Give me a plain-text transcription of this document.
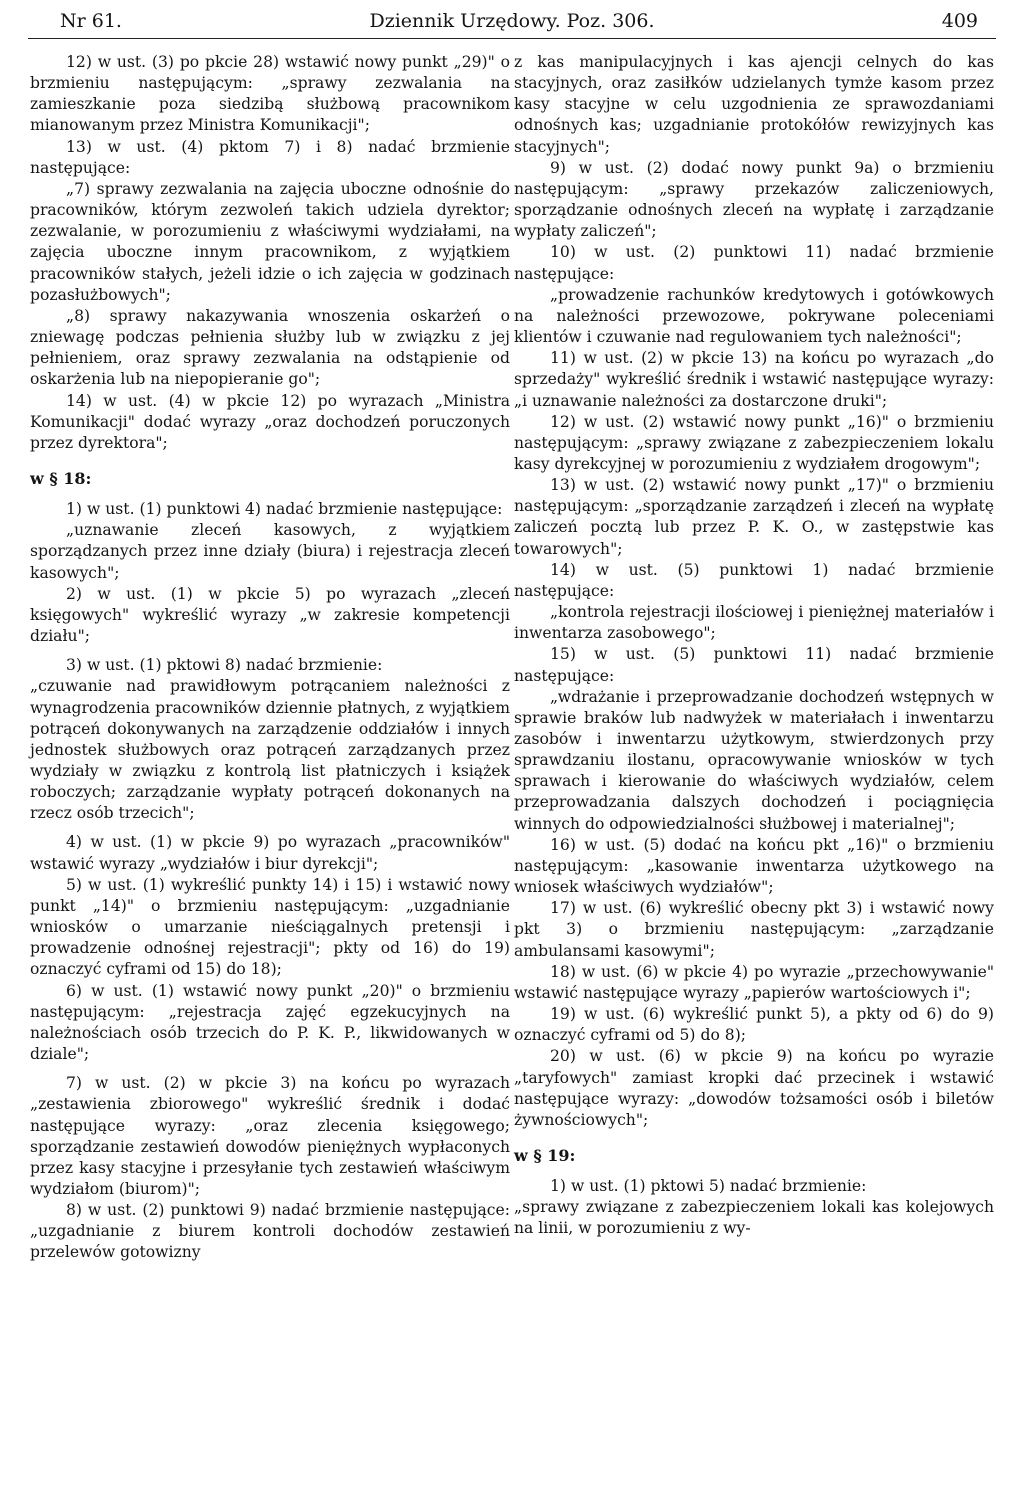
Nr 61.	Dziennik Urzędowy. Poz. 306.	409

12) w ust. (3) po pkcie 28) wstawić nowy punkt „29)" o brzmieniu następującym: „sprawy zezwalania na zamieszkanie poza siedzibą służbową pracownikom mianowanym przez Ministra Komunikacji";

13) w ust. (4) pktom 7) i 8) nadać brzmienie następujące:

„7) sprawy zezwalania na zajęcia uboczne odnośnie do pracowników, którym zezwoleń takich udziela dyrektor; zezwalanie, w porozumieniu z właściwymi wydziałami, na zajęcia uboczne innym pracownikom, z wyjątkiem pracowników stałych, jeżeli idzie o ich zajęcia w godzinach pozasłużbowych";

„8) sprawy nakazywania wnoszenia oskarżeń o zniewagę podczas pełnienia służby lub w związku z jej pełnieniem, oraz sprawy zezwalania na odstąpienie od oskarżenia lub na niepopieranie go";

14) w ust. (4) w pkcie 12) po wyrazach „Ministra Komunikacji" dodać wyrazy „oraz dochodzeń poruczonych przez dyrektora";

w § 18:

1) w ust. (1) punktowi 4) nadać brzmienie następujące:

„uznawanie zleceń kasowych, z wyjątkiem sporządzanych przez inne działy (biura) i rejestracja zleceń kasowych";

2) w ust. (1) w pkcie 5) po wyrazach „zleceń księgowych" wykreślić wyrazy „w zakresie kompetencji działu";

3) w ust. (1) pktowi 8) nadać brzmienie:

„czuwanie nad prawidłowym potrącaniem należności z wynagrodzenia pracowników dziennie płatnych, z wyjątkiem potrąceń dokonywanych na zarządzenie oddziałów i innych jednostek służbowych oraz potrąceń zarządzanych przez wydziały w związku z kontrolą list płatniczych i książek roboczych; zarządzanie wypłaty potrąceń dokonanych na rzecz osób trzecich";

4) w ust. (1) w pkcie 9) po wyrazach „pracowników" wstawić wyrazy „wydziałów i biur dyrekcji";

5) w ust. (1) wykreślić punkty 14) i 15) i wstawić nowy punkt „14)" o brzmieniu następującym: „uzgadnianie wniosków o umarzanie nieściągalnych pretensji i prowadzenie odnośnej rejestracji"; pkty od 16) do 19) oznaczyć cyframi od 15) do 18);

6) w ust. (1) wstawić nowy punkt „20)" o brzmieniu następującym: „rejestracja zajęć egzekucyjnych na należnościach osób trzecich do P. K. P., likwidowanych w dziale";

7) w ust. (2) w pkcie 3) na końcu po wyrazach „zestawienia zbiorowego" wykreślić średnik i dodać następujące wyrazy: „oraz zlecenia księgowego; sporządzanie zestawień dowodów pieniężnych wypłaconych przez kasy stacyjne i przesyłanie tych zestawień właściwym wydziałom (biurom)";

8) w ust. (2) punktowi 9) nadać brzmienie następujące: „uzgadnianie z biurem kontroli dochodów zestawień przelewów gotowizny

z kas manipulacyjnych i kas ajencji celnych do kas stacyjnych, oraz zasiłków udzielanych tymże kasom przez kasy stacyjne w celu uzgodnienia ze sprawozdaniami odnośnych kas; uzgadnianie protokółów rewizyjnych kas stacyjnych";

9) w ust. (2) dodać nowy punkt 9a) o brzmieniu następującym: „sprawy przekazów zaliczeniowych, sporządzanie odnośnych zleceń na wypłatę i zarządzanie wypłaty zaliczeń";

10) w ust. (2) punktowi 11) nadać brzmienie następujące:

„prowadzenie rachunków kredytowych i gotówkowych na należności przewozowe, pokrywane poleceniami klientów i czuwanie nad regulowaniem tych należności";

11) w ust. (2) w pkcie 13) na końcu po wyrazach „do sprzedaży" wykreślić średnik i wstawić następujące wyrazy: „i uznawanie należności za dostarczone druki";

12) w ust. (2) wstawić nowy punkt „16)" o brzmieniu następującym: „sprawy związane z zabezpieczeniem lokalu kasy dyrekcyjnej w porozumieniu z wydziałem drogowym";

13) w ust. (2) wstawić nowy punkt „17)" o brzmieniu następującym: „sporządzanie zarządzeń i zleceń na wypłatę zaliczeń pocztą lub przez P. K. O., w zastępstwie kas towarowych";

14) w ust. (5) punktowi 1) nadać brzmienie następujące:

„kontrola rejestracji ilościowej i pieniężnej materiałów i inwentarza zasobowego";

15) w ust. (5) punktowi 11) nadać brzmienie następujące:

„wdrażanie i przeprowadzanie dochodzeń wstępnych w sprawie braków lub nadwyżek w materiałach i inwentarzu zasobów i inwentarzu użytkowym, stwierdzonych przy sprawdzaniu ilostanu, opracowywanie wniosków w tych sprawach i kierowanie do właściwych wydziałów, celem przeprowadzania dalszych dochodzeń i pociągnięcia winnych do odpowiedzialności służbowej i materialnej";

16) w ust. (5) dodać na końcu pkt „16)" o brzmieniu następującym: „kasowanie inwentarza użytkowego na wniosek właściwych wydziałów";

17) w ust. (6) wykreślić obecny pkt 3) i wstawić nowy pkt 3) o brzmieniu następującym: „zarządzanie ambulansami kasowymi";

18) w ust. (6) w pkcie 4) po wyrazie „przechowywanie" wstawić następujące wyrazy „papierów wartościowych i";

19) w ust. (6) wykreślić punkt 5), a pkty od 6) do 9) oznaczyć cyframi od 5) do 8);

20) w ust. (6) w pkcie 9) na końcu po wyrazie „taryfowych" zamiast kropki dać przecinek i wstawić następujące wyrazy: „dowodów tożsamości osób i biletów żywnościowych";

w § 19:

1) w ust. (1) pktowi 5) nadać brzmienie:

„sprawy związane z zabezpieczeniem lokali kas kolejowych na linii, w porozumieniu z wy-
